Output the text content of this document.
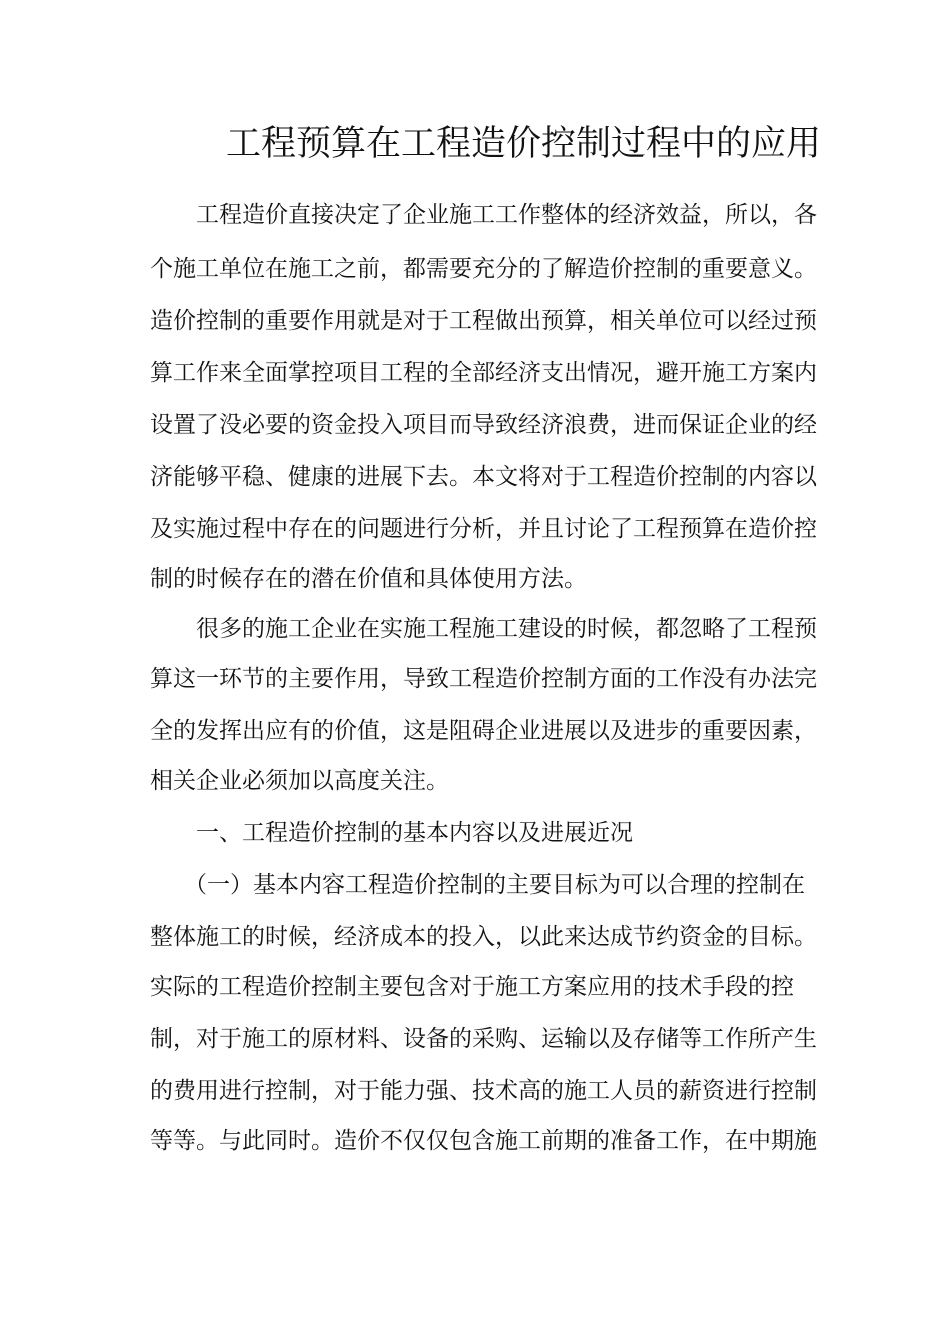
工程预算在工程造价控制过程中的应用
工程造价直接决定了企业施工工作整体的经济效益，所以，各
个施工单位在施工之前，都需要充分的了解造价控制的重要意义。
造价控制的重要作用就是对于工程做出预算，相关单位可以经过预
算工作来全面掌控项目工程的全部经济支出情况，避开施工方案内
设置了没必要的资金投入项目而导致经济浪费，进而保证企业的经
济能够平稳、健康的进展下去。本文将对于工程造价控制的内容以
及实施过程中存在的问题进行分析，并且讨论了工程预算在造价控
制的时候存在的潜在价值和具体使用方法。
很多的施工企业在实施工程施工建设的时候，都忽略了工程预
算这一环节的主要作用，导致工程造价控制方面的工作没有办法完
全的发挥出应有的价值，这是阻碍企业进展以及进步的重要因素，
相关企业必须加以高度关注。
一、工程造价控制的基本内容以及进展近况
（一）基本内容工程造价控制的主要目标为可以合理的控制在
整体施工的时候，经济成本的投入，以此来达成节约资金的目标。
实际的工程造价控制主要包含对于施工方案应用的技术手段的控
制，对于施工的原材料、设备的采购、运输以及存储等工作所产生
的费用进行控制，对于能力强、技术高的施工人员的薪资进行控制
等等。与此同时。造价不仅仅包含施工前期的准备工作，在中期施
